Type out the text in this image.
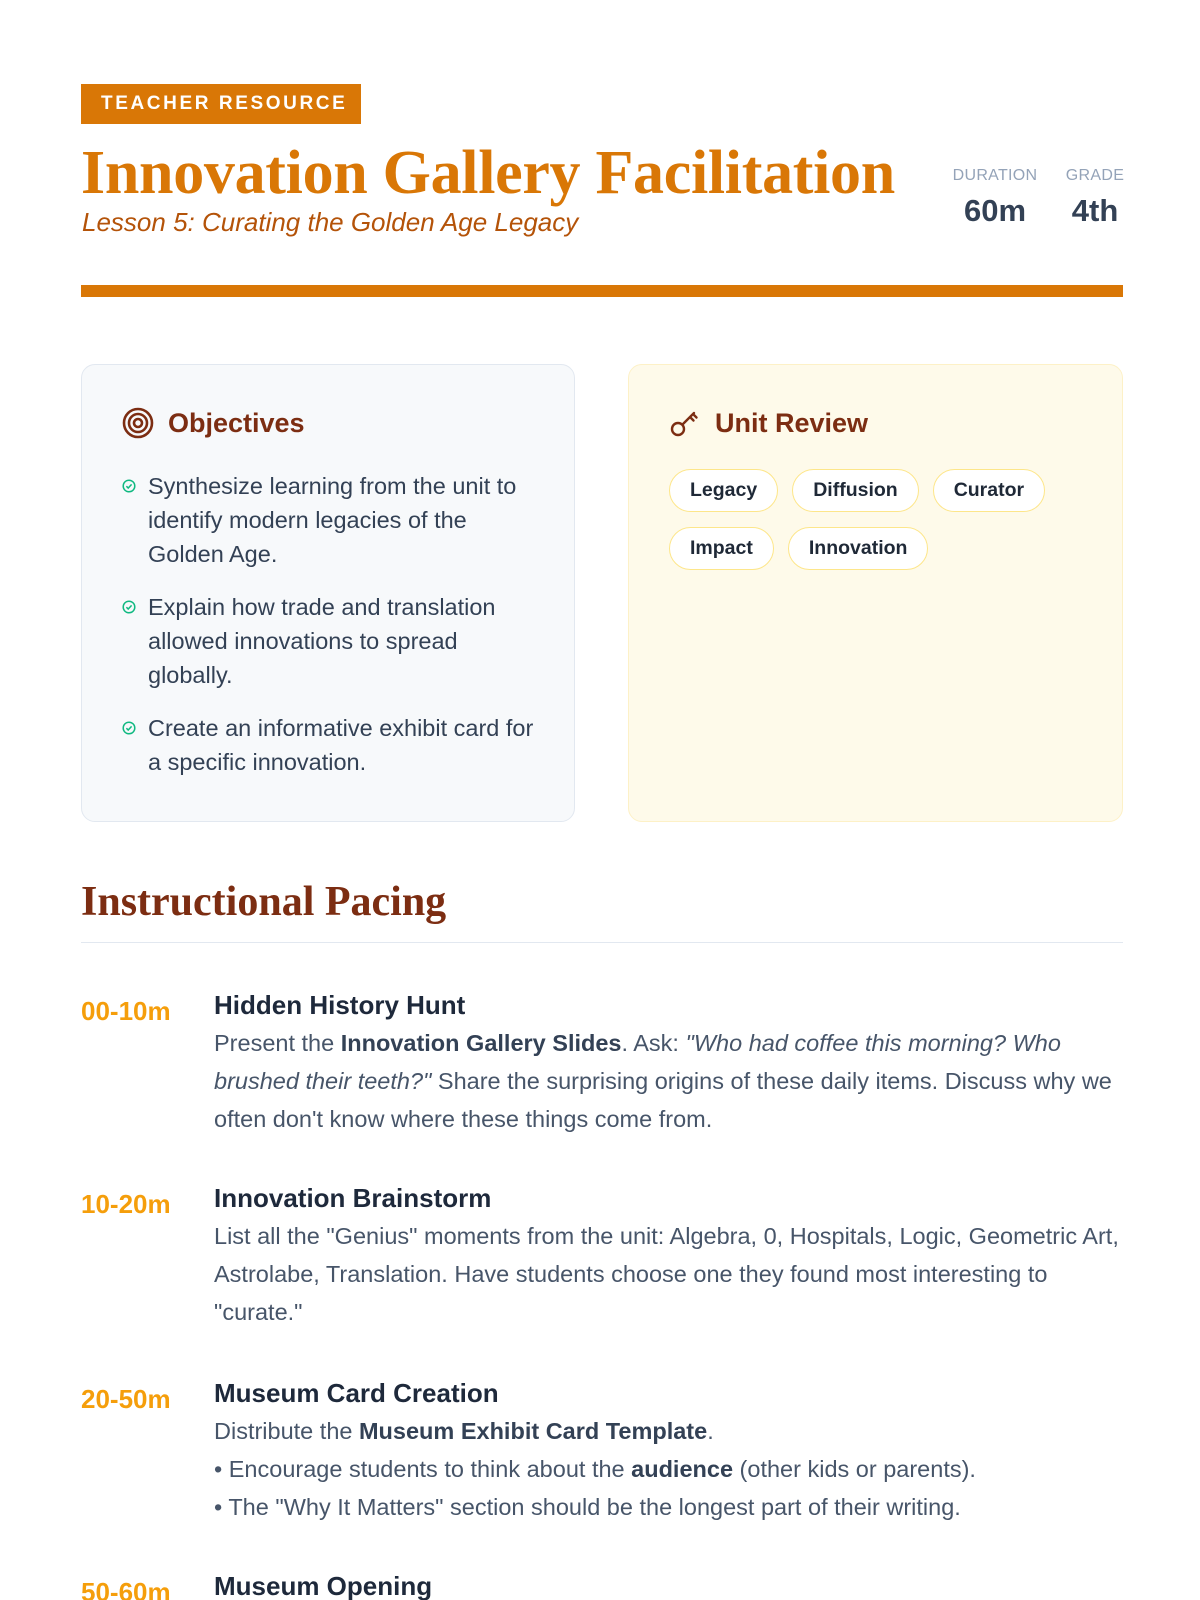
TEACHER RESOURCE
Innovation Gallery Facilitation
Lesson 5: Curating the Golden Age Legacy
DURATION
60m
GRADE
4th
Objectives
Synthesize learning from the unit to identify modern legacies of the Golden Age.
Explain how trade and translation allowed innovations to spread globally.
Create an informative exhibit card for a specific innovation.
Unit Review
Legacy	Diffusion	Curator
Impact	Innovation
Instructional Pacing
00-10m Hidden History Hunt
Present the Innovation Gallery Slides. Ask: "Who had coffee this morning? Who brushed their teeth?" Share the surprising origins of these daily items. Discuss why we often don't know where these things come from.
10-20m Innovation Brainstorm
List all the "Genius" moments from the unit: Algebra, 0, Hospitals, Logic, Geometric Art, Astrolabe, Translation. Have students choose one they found most interesting to "curate."
20-50m Museum Card Creation
Distribute the Museum Exhibit Card Template.
• Encourage students to think about the audience (other kids or parents).
• The "Why It Matters" section should be the longest part of their writing.
50-60m Museum Opening
